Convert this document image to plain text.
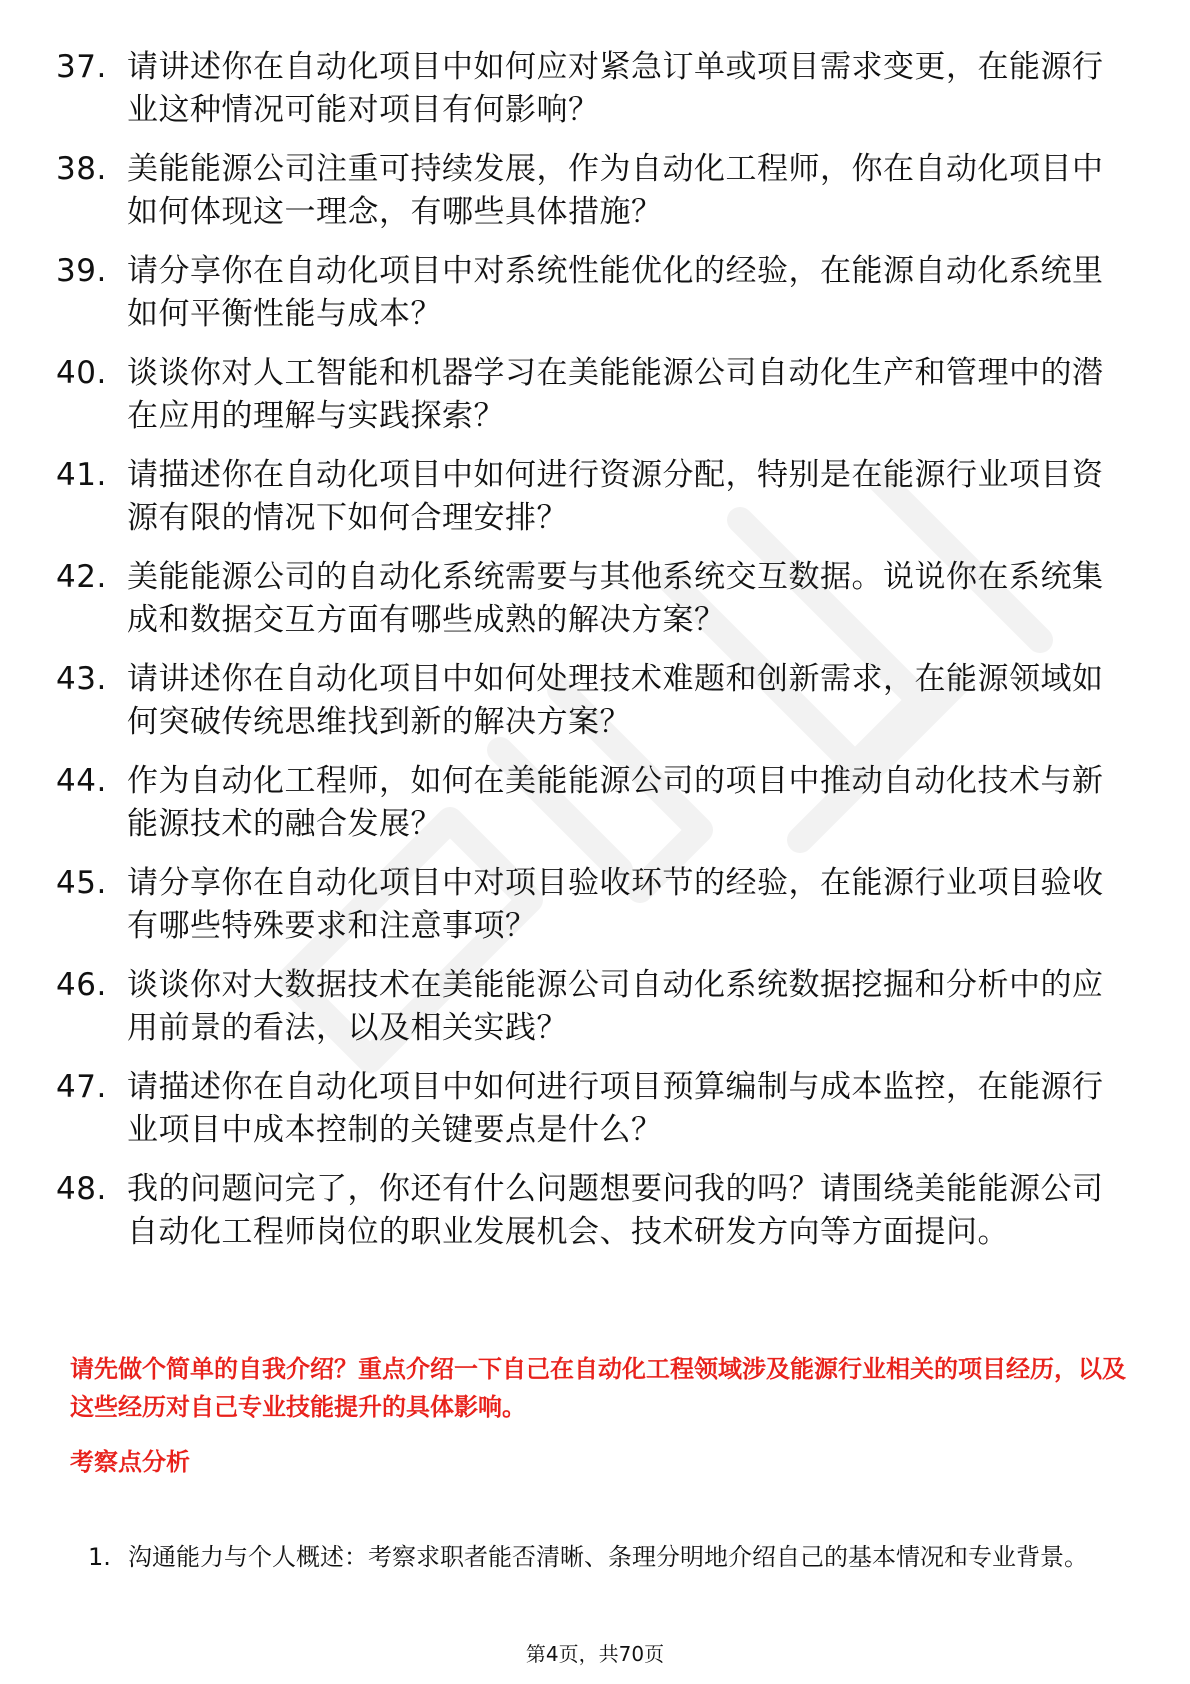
37. 请讲述你在自动化项目中如何应对紧急订单或项目需求变更，在能源行业这种情况可能对项目有何影响？
38. 美能能源公司注重可持续发展，作为自动化工程师，你在自动化项目中如何体现这一理念，有哪些具体措施？
39. 请分享你在自动化项目中对系统性能优化的经验，在能源自动化系统里如何平衡性能与成本？
40. 谈谈你对人工智能和机器学习在美能能源公司自动化生产和管理中的潜在应用的理解与实践探索？
41. 请描述你在自动化项目中如何进行资源分配，特别是在能源行业项目资源有限的情况下如何合理安排？
42. 美能能源公司的自动化系统需要与其他系统交互数据。说说你在系统集成和数据交互方面有哪些成熟的解决方案？
43. 请讲述你在自动化项目中如何处理技术难题和创新需求，在能源领域如何突破传统思维找到新的解决方案？
44. 作为自动化工程师，如何在美能能源公司的项目中推动自动化技术与新能源技术的融合发展？
45. 请分享你在自动化项目中对项目验收环节的经验，在能源行业项目验收有哪些特殊要求和注意事项？
46. 谈谈你对大数据技术在美能能源公司自动化系统数据挖掘和分析中的应用前景的看法，以及相关实践？
47. 请描述你在自动化项目中如何进行项目预算编制与成本监控，在能源行业项目中成本控制的关键要点是什么？
48. 我的问题问完了，你还有什么问题想要问我的吗？请围绕美能能源公司自动化工程师岗位的职业发展机会、技术研发方向等方面提问。

请先做个简单的自我介绍？重点介绍一下自己在自动化工程领域涉及能源行业相关的项目经历，以及这些经历对自己专业技能提升的具体影响。

考察点分析
1. 沟通能力与个人概述：考察求职者能否清晰、条理分明地介绍自己的基本情况和专业背景。
第4页，共70页
